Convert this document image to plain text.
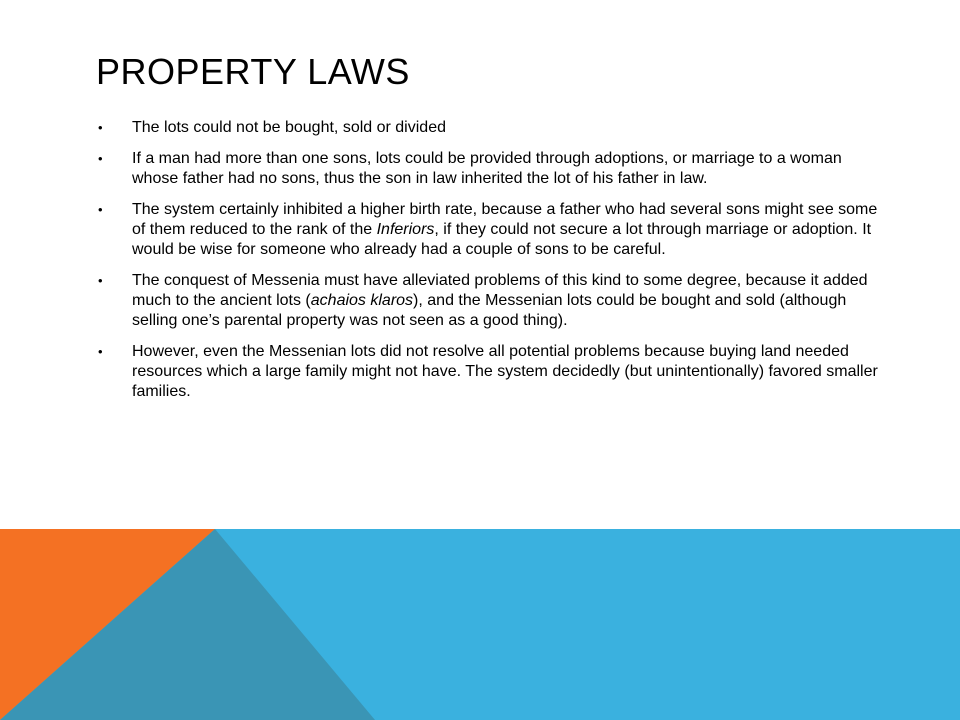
PROPERTY LAWS
•	The lots could not be bought, sold or divided
•	If a man had more than one sons, lots could be provided through adoptions, or marriage to a woman whose father had no sons, thus the son in law inherited the lot of his father in law.
•	The system certainly inhibited a higher birth rate, because a father who had several sons might see some of them reduced to the rank of the Inferiors, if they could not secure a lot through marriage or adoption. It would be wise for someone who already had a couple of sons to be careful.
•	The conquest of Messenia must have alleviated problems of this kind to some degree, because it added much to the ancient lots (achaios klaros), and the Messenian lots could be bought and sold (although selling one’s parental property was not seen as a good thing).
•	However, even the Messenian lots did not resolve all potential problems because buying land needed resources which a large family might not have. The system decidedly (but unintentionally) favored smaller families.
